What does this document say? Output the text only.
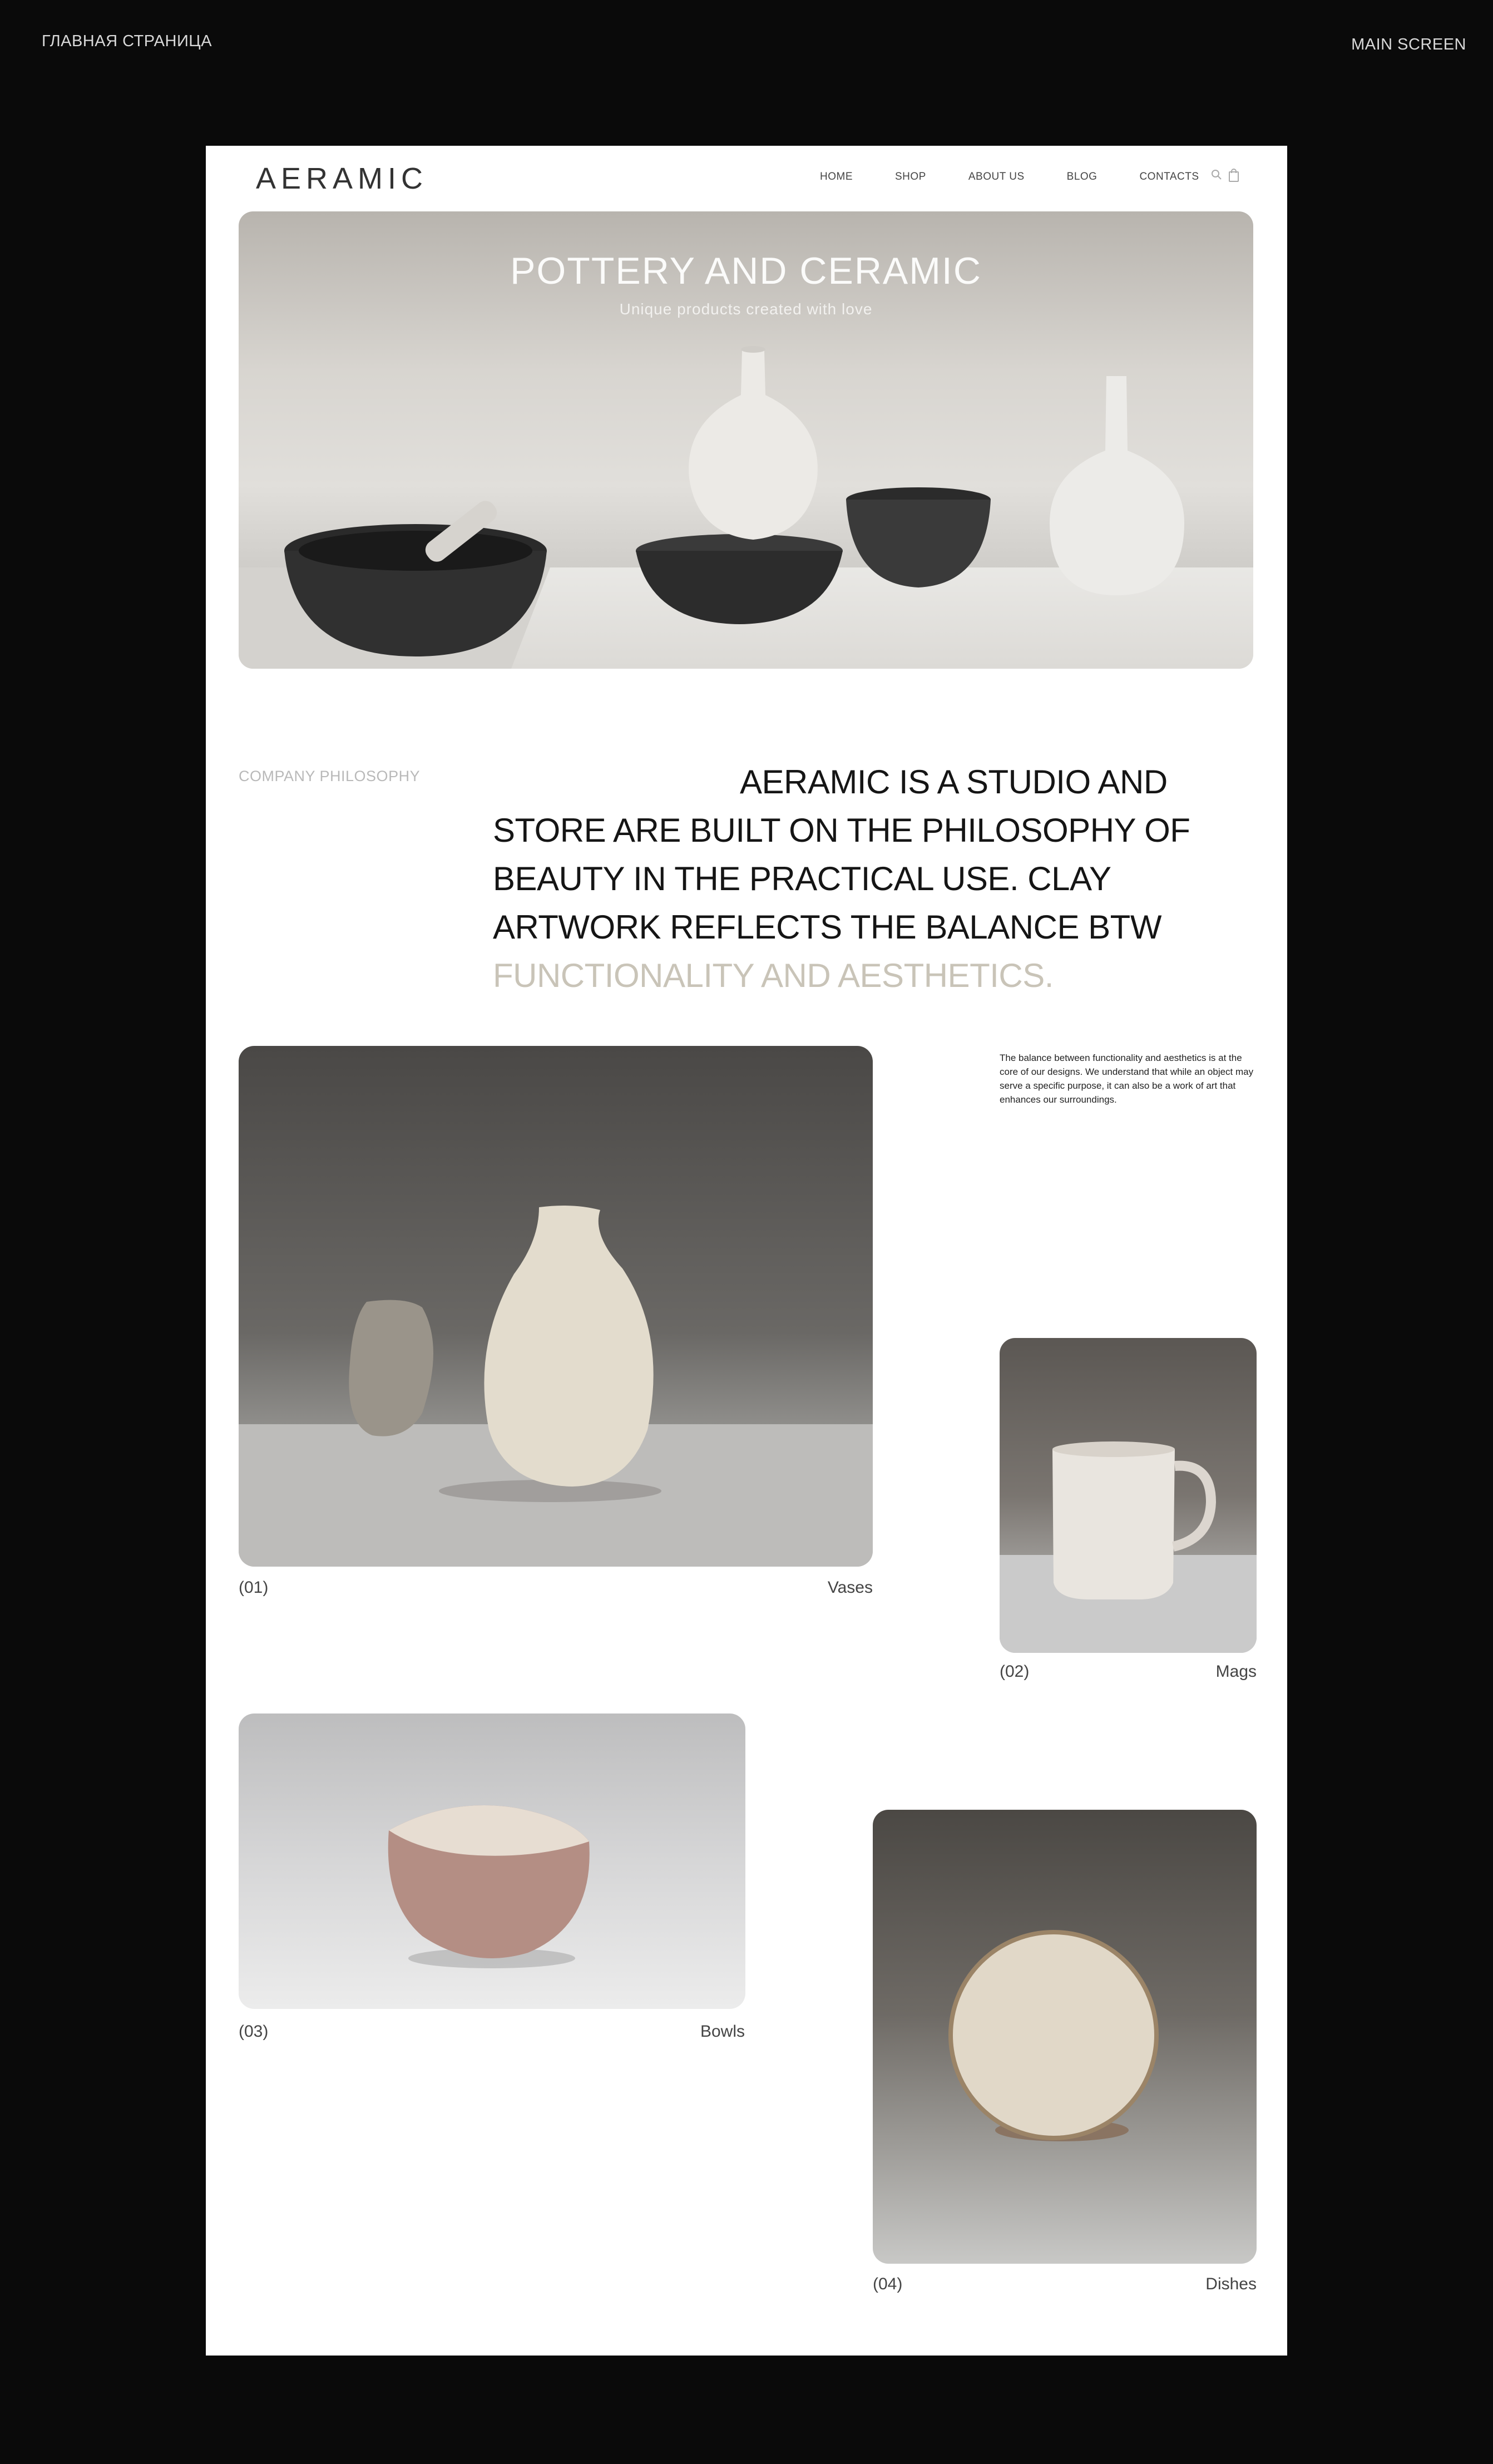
ГЛАВНАЯ СТРАНИЦА	MAIN SCREEN
AERAMIC	HOME	SHOP	ABOUT US	BLOG	CONTACTS
POTTERY AND CERAMIC
Unique products created with love
COMPANY PHILOSOPHY	AERAMIC IS A STUDIO AND STORE ARE BUILT ON THE PHILOSOPHY OF BEAUTY IN THE PRACTICAL USE. CLAY ARTWORK REFLECTS THE BALANCE BTW FUNCTIONALITY AND AESTHETICS.

The balance between functionality and aesthetics is at the core of our designs. We understand that while an object may serve a specific purpose, it can also be a work of art that enhances our surroundings.

(01)	Vases
(02)	Mags
(03)	Bowls
(04)	Dishes
